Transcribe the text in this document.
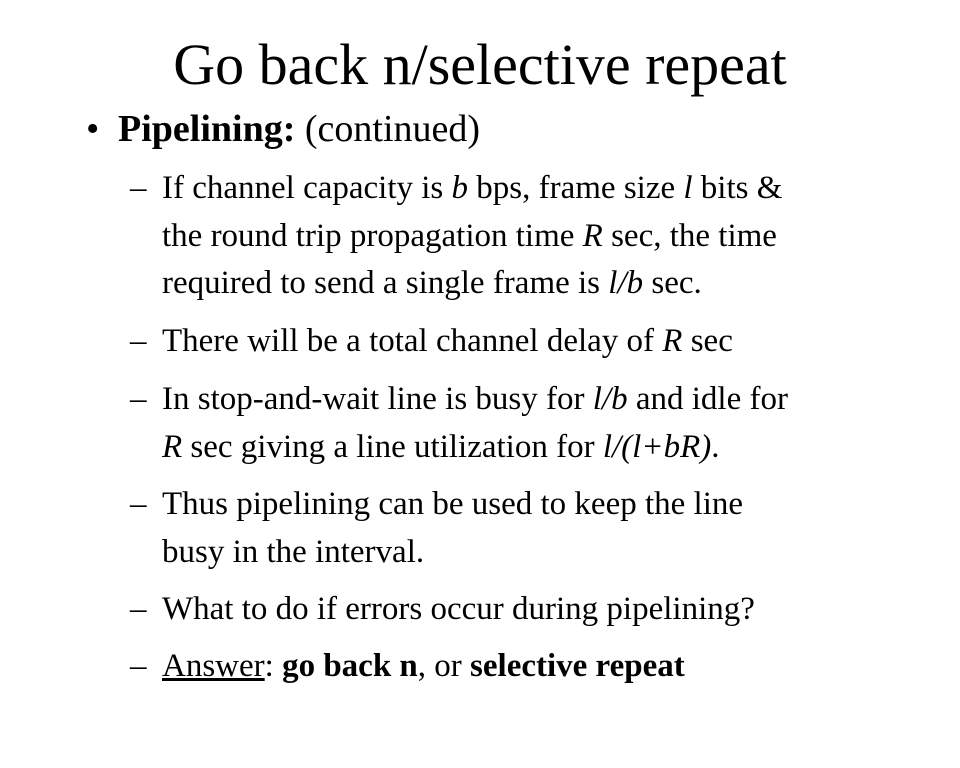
Go back n/selective repeat
• Pipelining: (continued)
– If channel capacity is b bps, frame size l bits &
the round trip propagation time R sec, the time
required to send a single frame is l/b sec.
– There will be a total channel delay of R sec
– In stop-and-wait line is busy for l/b and idle for
R sec giving a line utilization for l/(l+bR).
– Thus pipelining can be used to keep the line
busy in the interval.
– What to do if errors occur during pipelining?
– Answer: go back n, or selective repeat
